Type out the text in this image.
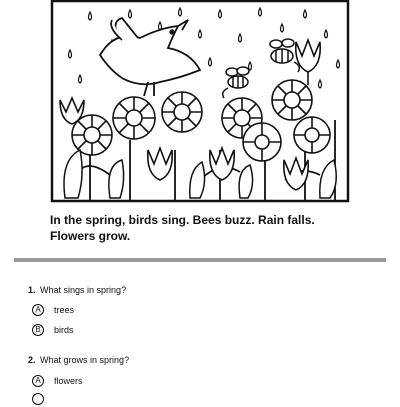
In the spring, birds sing. Bees buzz. Rain falls. Flowers grow.
1. What sings in spring?
A	trees
B	birds
2. What grows in spring?
A	flowers
